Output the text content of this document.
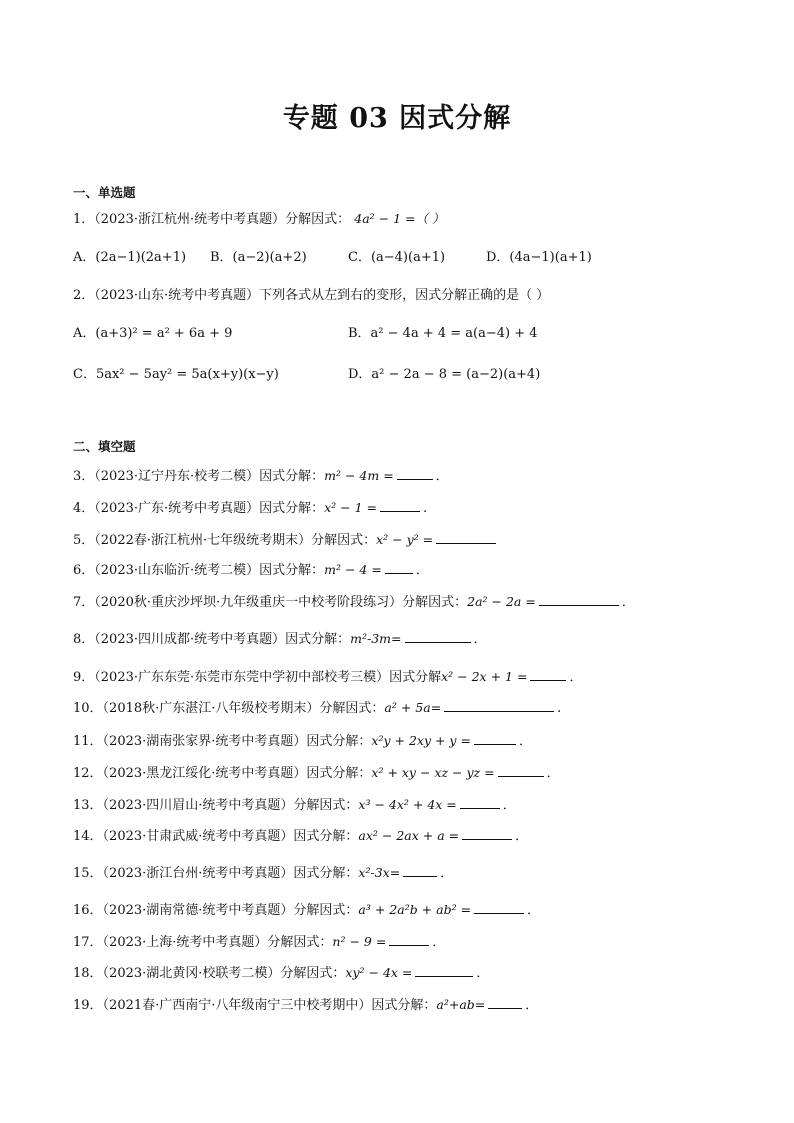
专题 03 因式分解
一、单选题
1．（2023·浙江杭州·统考中考真题）分解因式： 4a² − 1 =（ ）
A．(2a−1)(2a+1) B．(a−2)(a+2)	C．(a−4)(a+1)	D．(4a−1)(a+1)
2．（2023·山东·统考中考真题）下列各式从左到右的变形，因式分解正确的是（ ）
A．(a+3)² = a² + 6a + 9	B．a² − 4a + 4 = a(a−4) + 4
C．5ax² − 5ay² = 5a(x+y)(x−y)	D．a² − 2a − 8 = (a−2)(a+4)
二、填空题
3．（2023·辽宁丹东·校考二模）因式分解：m² − 4m =	．
4．（2023·广东·统考中考真题）因式分解：x² − 1 =	.
5．（2022春·浙江杭州·七年级统考期末）分解因式：x² − y² =
6．（2023·山东临沂·统考二模）因式分解：m² − 4 =	．
7．（2020秋·重庆沙坪坝·九年级重庆一中校考阶段练习）分解因式：2a² − 2a =	．
8．（2023·四川成都·统考中考真题）因式分解：m²-3m=	．
9．（2023·广东东莞·东莞市东莞中学初中部校考三模）因式分解x² − 2x + 1 =	．
10．（2018秋·广东湛江·八年级校考期末）分解因式：a² + 5a=	.
11．（2023·湖南张家界·统考中考真题）因式分解：x²y + 2xy + y =	．
12．（2023·黑龙江绥化·统考中考真题）因式分解：x² + xy − xz − yz =	．
13．（2023·四川眉山·统考中考真题）分解因式：x³ − 4x² + 4x =	．
14．（2023·甘肃武威·统考中考真题）因式分解：ax² − 2ax + a =	．
15．（2023·浙江台州·统考中考真题）因式分解：x²-3x=	．
16．（2023·湖南常德·统考中考真题）分解因式：a³ + 2a²b + ab² =	．
17．（2023·上海·统考中考真题）分解因式：n² − 9 =	．
18．（2023·湖北黄冈·校联考二模）分解因式：xy² − 4x =	．
19．（2021春·广西南宁·八年级南宁三中校考期中）因式分解：a²+ab=	．
